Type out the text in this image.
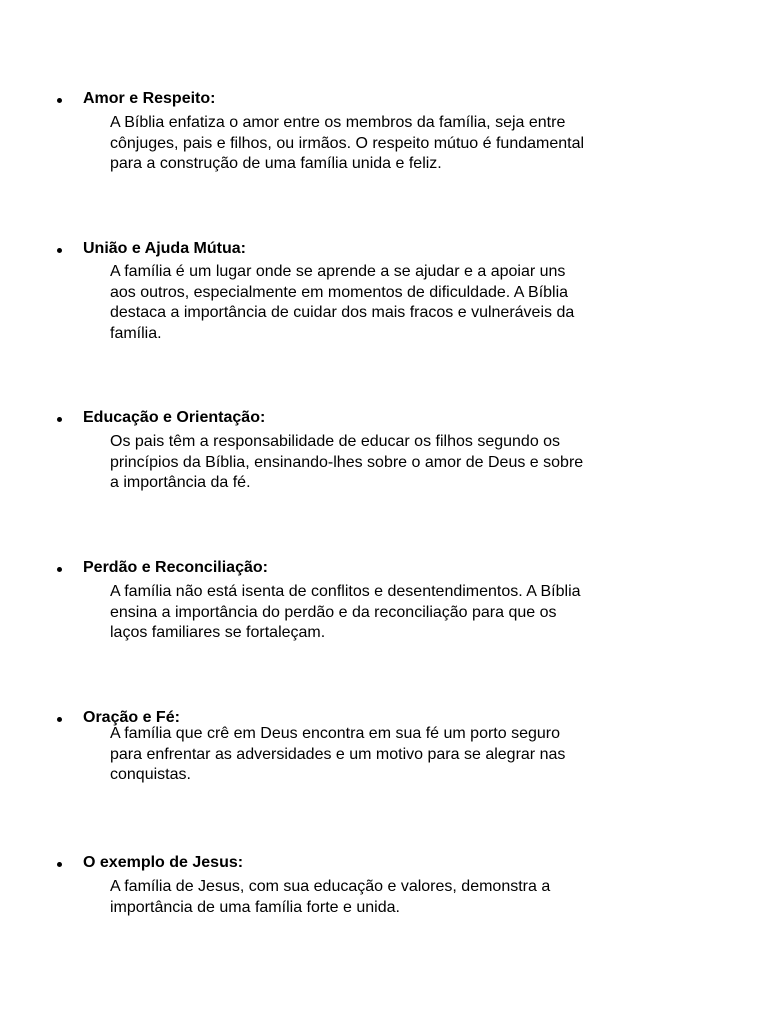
Amor e Respeito:
A Bíblia enfatiza o amor entre os membros da família, seja entre
cônjuges, pais e filhos, ou irmãos. O respeito mútuo é fundamental
para a construção de uma família unida e feliz.
União e Ajuda Mútua:
A família é um lugar onde se aprende a se ajudar e a apoiar uns
aos outros, especialmente em momentos de dificuldade. A Bíblia
destaca a importância de cuidar dos mais fracos e vulneráveis da
família.
Educação e Orientação:
Os pais têm a responsabilidade de educar os filhos segundo os
princípios da Bíblia, ensinando-lhes sobre o amor de Deus e sobre
a importância da fé.
Perdão e Reconciliação:
A família não está isenta de conflitos e desentendimentos. A Bíblia
ensina a importância do perdão e da reconciliação para que os
laços familiares se fortaleçam.
Oração e Fé:
A família que crê em Deus encontra em sua fé um porto seguro
para enfrentar as adversidades e um motivo para se alegrar nas
conquistas.
O exemplo de Jesus:
A família de Jesus, com sua educação e valores, demonstra a
importância de uma família forte e unida.
